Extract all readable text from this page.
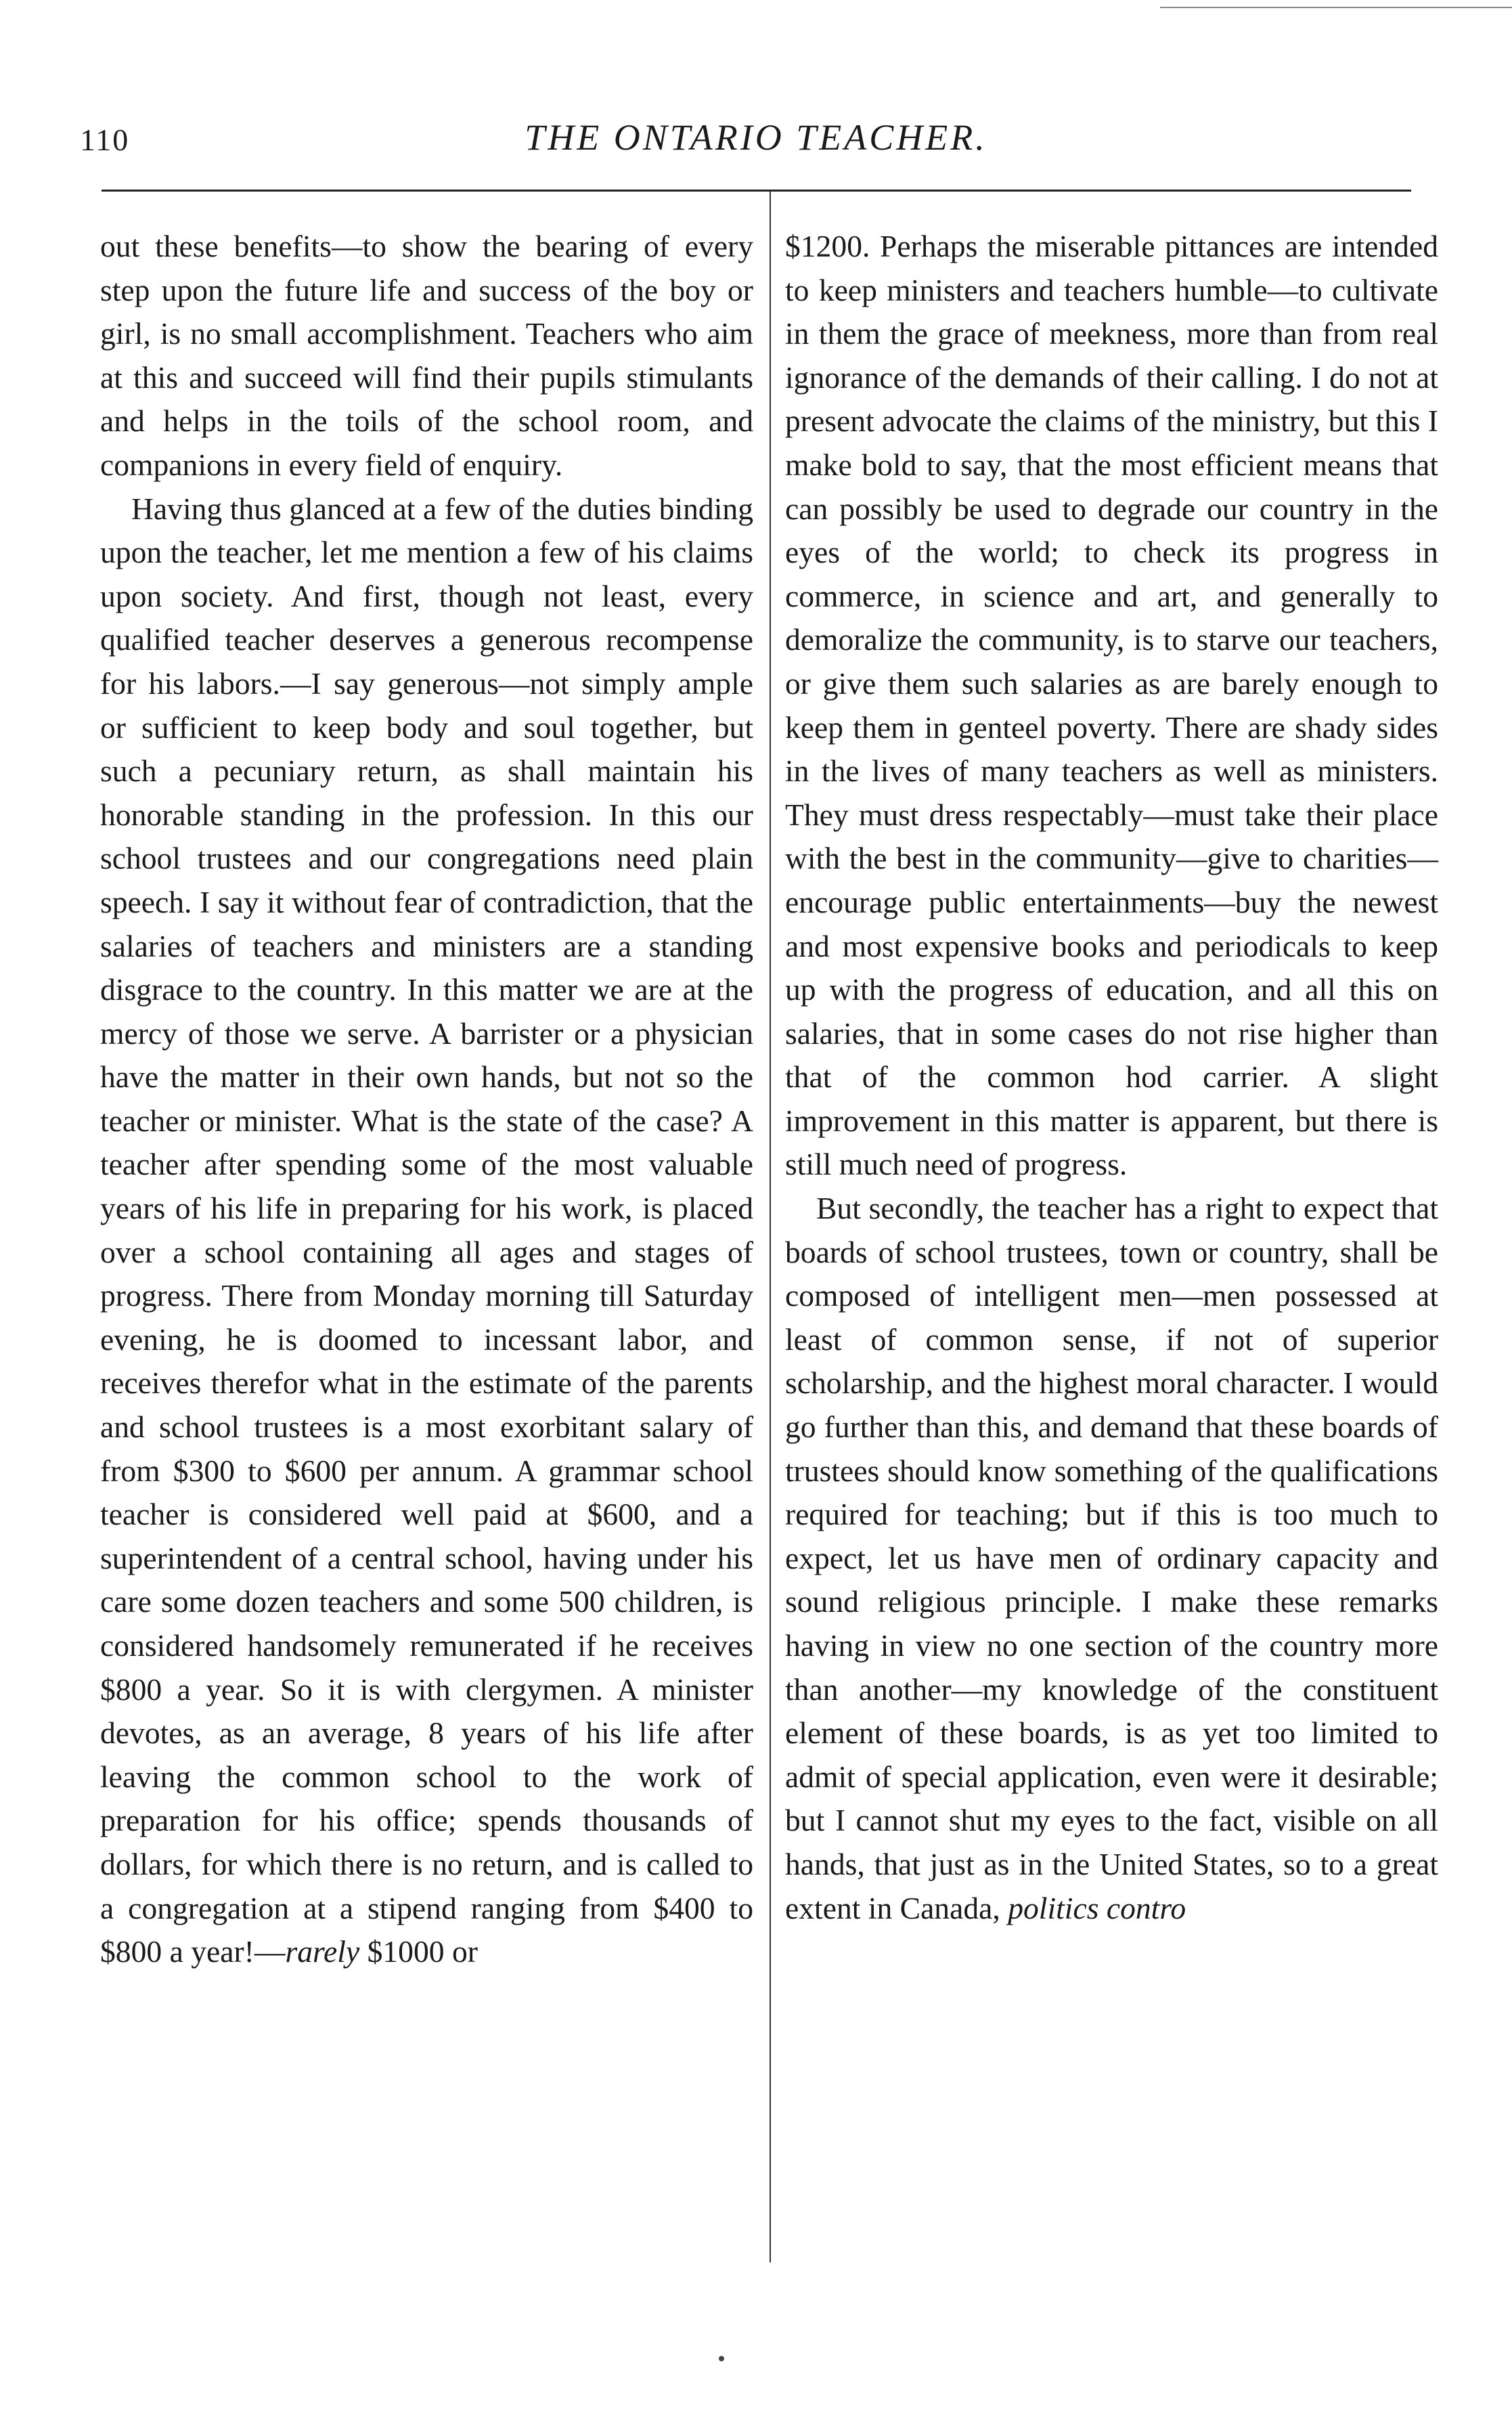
110	THE ONTARIO TEACHER.

out these benefits—to show the bearing of every step upon the future life and success of the boy or girl, is no small accomplishment. Teachers who aim at this and succeed will find their pupils stimulants and helps in the toils of the school room, and companions in every field of enquiry.

Having thus glanced at a few of the duties binding upon the teacher, let me mention a few of his claims upon society. And first, though not least, every qualified teacher deserves a generous recompense for his labors.—I say generous—not simply ample or sufficient to keep body and soul together, but such a pecuniary return, as shall maintain his honorable standing in the profession. In this our school trustees and our congregations need plain speech. I say it without fear of contradiction, that the salaries of teachers and ministers are a standing disgrace to the country. In this matter we are at the mercy of those we serve. A barrister or a physician have the matter in their own hands, but not so the teacher or minister. What is the state of the case? A teacher after spending some of the most valuable years of his life in preparing for his work, is placed over a school containing all ages and stages of progress. There from Monday morning till Saturday evening, he is doomed to incessant labor, and receives therefor what in the estimate of the parents and school trustees is a most exorbitant salary of from $300 to $600 per annum. A grammar school teacher is considered well paid at $600, and a superintendent of a central school, having under his care some dozen teachers and some 500 children, is considered handsomely remunerated if he receives $800 a year. So it is with clergymen. A minister devotes, as an average, 8 years of his life after leaving the common school to the work of preparation for his office; spends thousands of dollars, for which there is no return, and is called to a congregation at a stipend ranging from $400 to $800 a year!—rarely $1000 or

$1200. Perhaps the miserable pittances are intended to keep ministers and teachers humble—to cultivate in them the grace of meekness, more than from real ignorance of the demands of their calling. I do not at present advocate the claims of the ministry, but this I make bold to say, that the most efficient means that can possibly be used to degrade our country in the eyes of the world; to check its progress in commerce, in science and art, and generally to demoralize the community, is to starve our teachers, or give them such salaries as are barely enough to keep them in genteel poverty. There are shady sides in the lives of many teachers as well as ministers. They must dress respectably—must take their place with the best in the community—give to charities—encourage public entertainments—buy the newest and most expensive books and periodicals to keep up with the progress of education, and all this on salaries, that in some cases do not rise higher than that of the common hod carrier. A slight improvement in this matter is apparent, but there is still much need of progress.

But secondly, the teacher has a right to expect that boards of school trustees, town or country, shall be composed of intelligent men—men possessed at least of common sense, if not of superior scholarship, and the highest moral character. I would go further than this, and demand that these boards of trustees should know something of the qualifications required for teaching; but if this is too much to expect, let us have men of ordinary capacity and sound religious principle. I make these remarks having in view no one section of the country more than another—my knowledge of the constituent element of these boards, is as yet too limited to admit of special application, even were it desirable; but I cannot shut my eyes to the fact, visible on all hands, that just as in the United States, so to a great extent in Canada, politics contro
